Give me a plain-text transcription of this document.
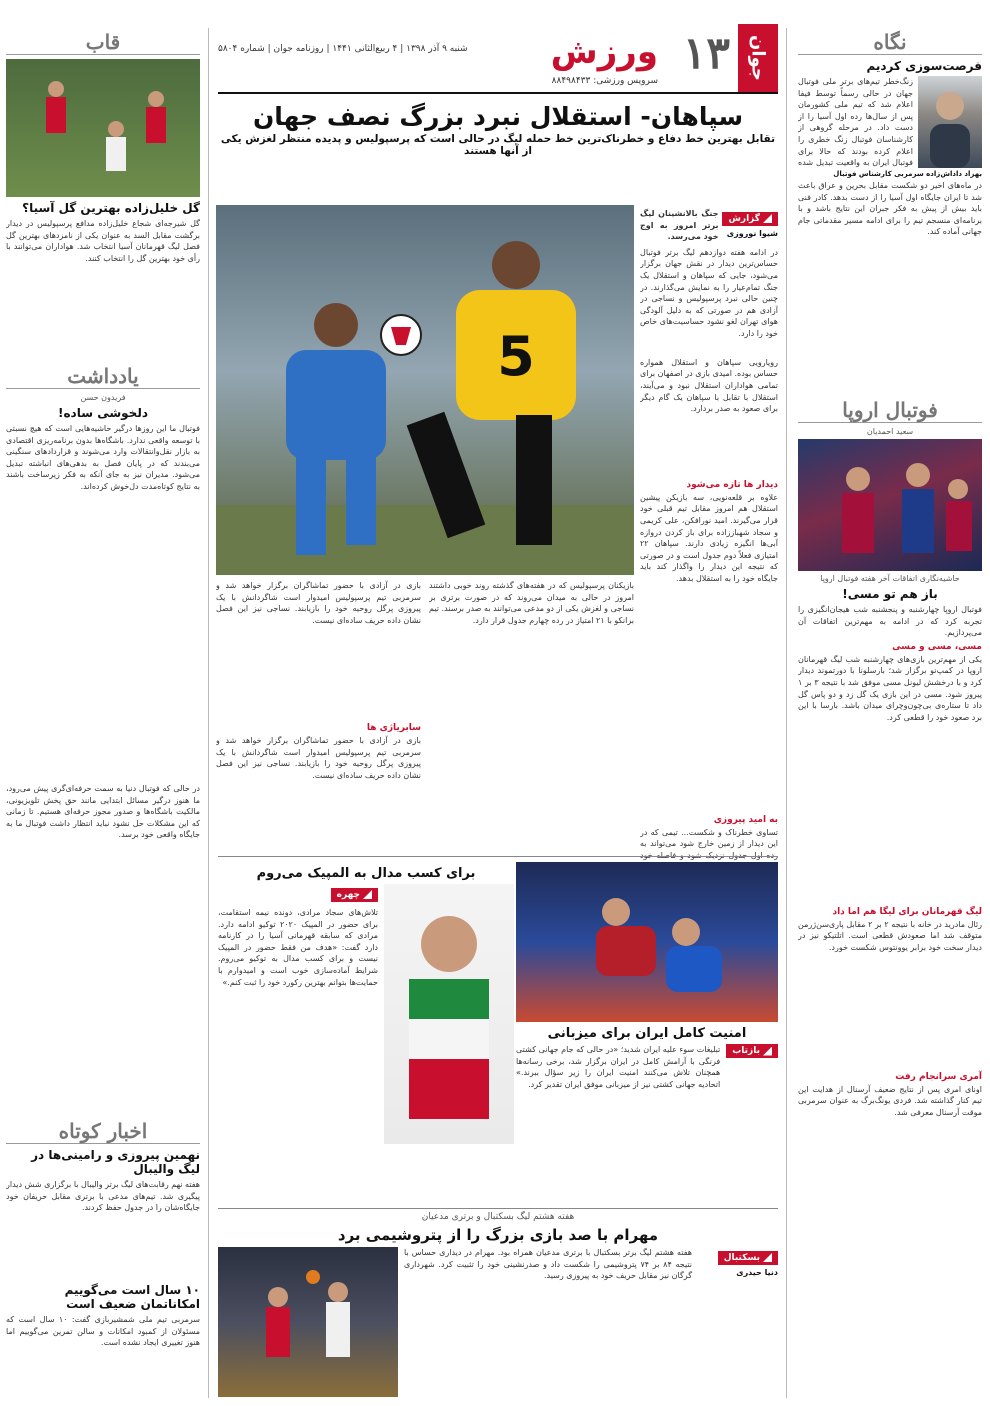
نگاه
فرصت‌سوزی کردیم
زنگ‌خطر تیم‌های برتر ملی فوتبال جهان در حالی رسماً توسط فیفا اعلام شد که تیم ملی کشورمان پس از سال‌ها رده اول آسیا را از دست داد. در مرحله گروهی از کارشناسان فوتبال زنگ خطری را اعلام کرده بودند که حالا برای فوتبال ایران به واقعیت تبدیل شده
بهزاد داداش‌زاده سرمربی کارشناس فوتبال
در ماه‌های اخیر دو شکست مقابل بحرین و عراق باعث شد تا ایران جایگاه اول آسیا را از دست بدهد. کادر فنی باید بیش از پیش به فکر جبران این نتایج باشد و با برنامه‌ای منسجم تیم را برای ادامه مسیر مقدماتی جام جهانی آماده کند.
فوتبال اروپا
سعید احمدیان
حاشیه‌نگاری اتفاقات آخر هفته فوتبال اروپا
باز هم تو مسی!
فوتبال اروپا چهارشنبه و پنجشنبه شب هیجان‌انگیزی را تجربه کرد که در ادامه به مهم‌ترین اتفاقات آن می‌پردازیم.
مسی، مسی و مسی
یکی از مهم‌ترین بازی‌های چهارشنبه شب لیگ قهرمانان اروپا در کمپ‌نو برگزار شد؛ بارسلونا با دورتموند دیدار کرد و با درخشش لیونل مسی موفق شد با نتیجه ۳ بر ۱ پیروز شود. مسی در این بازی یک گل زد و دو پاس گل داد تا ستاره‌ی بی‌چون‌وچرای میدان باشد. بارسا با این برد صعود خود را قطعی کرد.
لیگ قهرمانان برای لیگا هم اما داد
رئال مادرید در خانه با نتیجه ۲ بر ۲ مقابل پاری‌سن‌ژرمن متوقف شد اما صعودش قطعی است. اتلتیکو نیز در دیدار سخت خود برابر یوونتوس شکست خورد.
آمری سرانجام رفت
اونای امری پس از نتایج ضعیف آرسنال از هدایت این تیم کنار گذاشته شد. فردی یونگ‌برگ به عنوان سرمربی موقت آرسنال معرفی شد.
جوان
١٣
ورزش
سرویس ورزشی: ۸۸۴۹۸۴۳۳
شنبه ۹ آذر ۱۳۹۸ | ۴ ربیع‌الثانی ۱۴۴۱ | روزنامه جوان | شماره ۵۸۰۴
سپاهان- استقلال نبرد بزرگ نصف جهان
تقابل بهترین خط دفاع و خطرناک‌ترین خط حمله لیگ در حالی است که پرسپولیس و پدیده منتظر لغزش یکی از آنها هستند
گزارش
شیوا نوروزی
جنگ بالانشینان لیگ برتر امروز به اوج خود می‌رسد.
در ادامه هفته دوازدهم لیگ برتر فوتبال حساس‌ترین دیدار در نقش جهان برگزار می‌شود، جایی که سپاهان و استقلال یک جنگ تمام‌عیار را به نمایش می‌گذارند. در چنین حالی نبرد پرسپولیس و نساجی در آزادی هم در صورتی که به دلیل آلودگی هوای تهران لغو نشود حساسیت‌های خاص خود را دارد.
رویارویی سپاهان و استقلال همواره حساس بوده. امیدی بازی در اصفهان برای تمامی هواداران استقلال نبود و می‌آیند، استقلال با تقابل با سپاهان یک گام دیگر برای صعود به صدر بردارد.
دیدار ها تازه می‌شود
علاوه بر قلعه‌نویی، سه بازیکن پیشین استقلال هم امروز مقابل تیم قبلی خود قرار می‌گیرند. امید نورافکن، علی کریمی و سجاد شهباززاده برای باز کردن دروازه آبی‌ها انگیزه زیادی دارند. سپاهان ۲۲ امتیازی فعلاً دوم جدول است و در صورتی که نتیجه این دیدار را واگذار کند باید جایگاه خود را به استقلال بدهد.
به امید پیروزی
تساوی خطرناک و شکست... تیمی که در این دیدار از زمین خارج شود می‌تواند به
5
بازیکنان پرسپولیس که در هفته‌های گذشته روند خوبی داشتند امروز در حالی به میدان می‌روند که در صورت برتری بر نساجی و لغزش یکی از دو مدعی می‌توانند به صدر برسند. تیم برانکو با ۲۱ امتیاز در رده چهارم جدول قرار دارد.
بازی در آزادی با حضور تماشاگران برگزار خواهد شد و سرمربی تیم پرسپولیس امیدوار است شاگردانش با یک پیروزی پرگل روحیه خود را بازیابند. نساجی نیز این فصل نشان داده حریف ساده‌ای نیست.
سابریاژی ها
بازی در آزادی با حضور تماشاگران برگزار خواهد شد و سرمربی تیم پرسپولیس امیدوار است شاگردانش با یک پیروزی پرگل روحیه خود را بازیابند. نساجی نیز این فصل نشان داده حریف ساده‌ای نیست.
امنیت کامل ایران برای میزبانی
بازتاب
تبلیغات سوء علیه ایران شدید؛ «در حالی که جام جهانی کشتی فرنگی با آرامش کامل در ایران برگزار شد، برخی رسانه‌ها همچنان تلاش می‌کنند امنیت ایران را زیر سؤال ببرند.» اتحادیه جهانی کشتی نیز از میزبانی موفق ایران تقدیر کرد.
برای کسب مدال به المپیک می‌روم
چهره
تلاش‌های سجاد مرادی، دونده نیمه استقامت، برای حضور در المپیک ۲۰۲۰ توکیو ادامه دارد. مرادی که سابقه قهرمانی آسیا را در کارنامه دارد گفت: «هدف من فقط حضور در المپیک نیست و برای کسب مدال به توکیو می‌روم. شرایط آماده‌سازی خوب است و امیدوارم با حمایت‌ها بتوانم بهترین رکورد خود را ثبت کنم.»
هفته هشتم لیگ بسکتبال و برتری مدعیان
مهرام با صد بازی بزرگ را از پتروشیمی برد
بسکتبال
دنیا حیدری
هفته هشتم لیگ برتر بسکتبال با برتری مدعیان همراه بود. مهرام در دیداری حساس با نتیجه ۸۴ بر ۷۴ پتروشیمی را شکست داد و صدرنشینی خود را تثبیت کرد. شهرداری گرگان نیز مقابل حریف خود به پیروزی رسید.
قاب
گل خلیل‌زاده بهترین گل آسیا؟
گل شیرجه‌ای شجاع خلیل‌زاده مدافع پرسپولیس در دیدار برگشت مقابل السد به عنوان یکی از نامزدهای بهترین گل فصل لیگ قهرمانان آسیا انتخاب شد. هواداران می‌توانند با رأی خود بهترین گل را انتخاب کنند.
یادداشت
فریدون حسن
دلخوشی ساده!
فوتبال ما این روزها درگیر حاشیه‌هایی است که هیچ نسبتی با توسعه واقعی ندارد. باشگاه‌ها بدون برنامه‌ریزی اقتصادی به بازار نقل‌وانتقالات وارد می‌شوند و قراردادهای سنگینی می‌بندند که در پایان فصل به بدهی‌های انباشته تبدیل می‌شود. مدیران نیز به جای آنکه به فکر زیرساخت باشند به نتایج کوتاه‌مدت دل‌خوش کرده‌اند.
در حالی که فوتبال دنیا به سمت حرفه‌ای‌گری پیش می‌رود، ما هنوز درگیر مسائل ابتدایی مانند حق پخش تلویزیونی، مالکیت باشگاه‌ها و صدور مجوز حرفه‌ای هستیم. تا زمانی که این مشکلات حل نشود نباید انتظار داشت فوتبال ما به جایگاه واقعی خود برسد.
اخبار کوتاه
نهمین پیروزی و رامینی‌ها در لیگ والیبال
هفته نهم رقابت‌های لیگ برتر والیبال با برگزاری شش دیدار پیگیری شد. تیم‌های مدعی با برتری مقابل حریفان خود جایگاه‌شان را در جدول حفظ کردند.
۱۰ سال است می‌گوییم امکاناتمان ضعیف است
سرمربی تیم ملی شمشیربازی گفت: ۱۰ سال است که مسئولان از کمبود امکانات و سالن تمرین می‌گوییم اما هنوز تغییری ایجاد نشده است.
